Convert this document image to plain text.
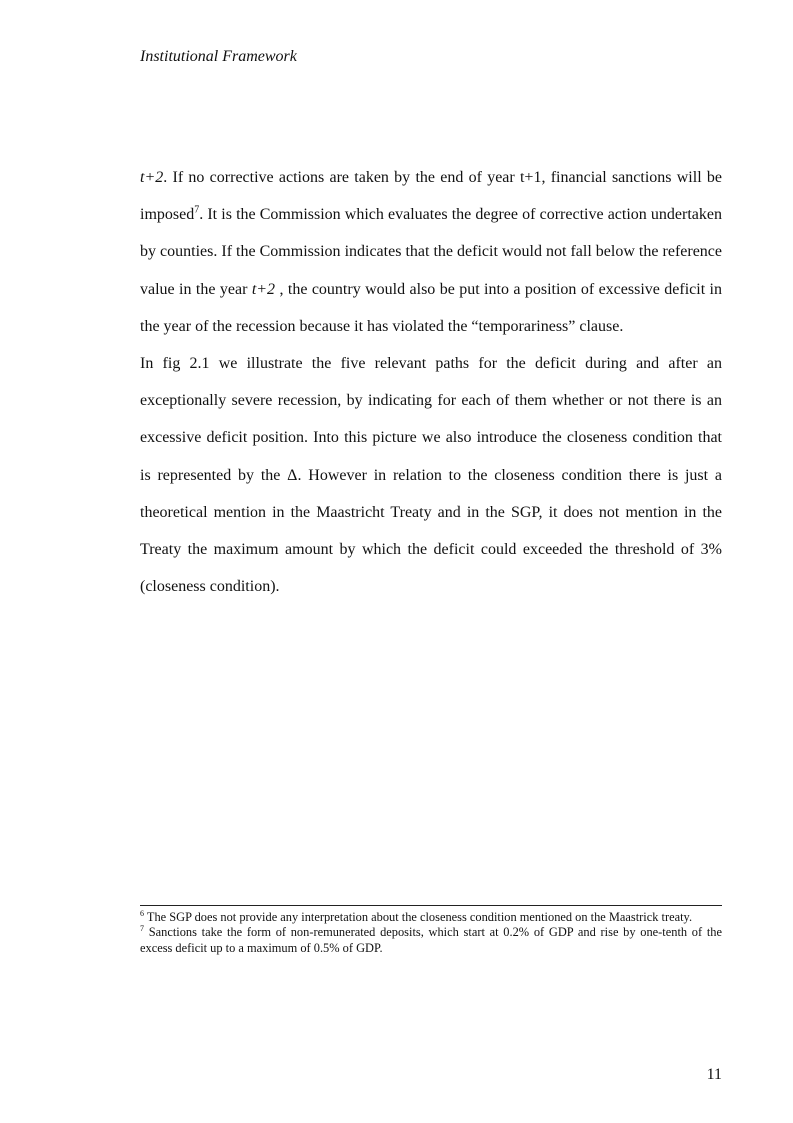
Institutional Framework

t+2. If no corrective actions are taken by the end of year t+1, financial sanctions will be imposed$^7$. It is the Commission which evaluates the degree of corrective action undertaken by counties. If the Commission indicates that the deficit would not fall below the reference value in the year t+2 , the country would also be put into a position of excessive deficit in the year of the recession because it has violated the “temporariness” clause.

In fig 2.1 we illustrate the five relevant paths for the deficit during and after an exceptionally severe recession, by indicating for each of them whether or not there is an excessive deficit position. Into this picture we also introduce the closeness condition that is represented by the Δ. However in relation to the closeness condition there is just a theoretical mention in the Maastricht Treaty and in the SGP, it does not mention in the Treaty the maximum amount by which the deficit could exceeded the threshold of 3% (closeness condition).

$^6$ The SGP does not provide any interpretation about the closeness condition mentioned on the Maastrick treaty.

$^7$ Sanctions take the form of non-remunerated deposits, which start at 0.2% of GDP and rise by one-tenth of the excess deficit up to a maximum of 0.5% of GDP.

11
